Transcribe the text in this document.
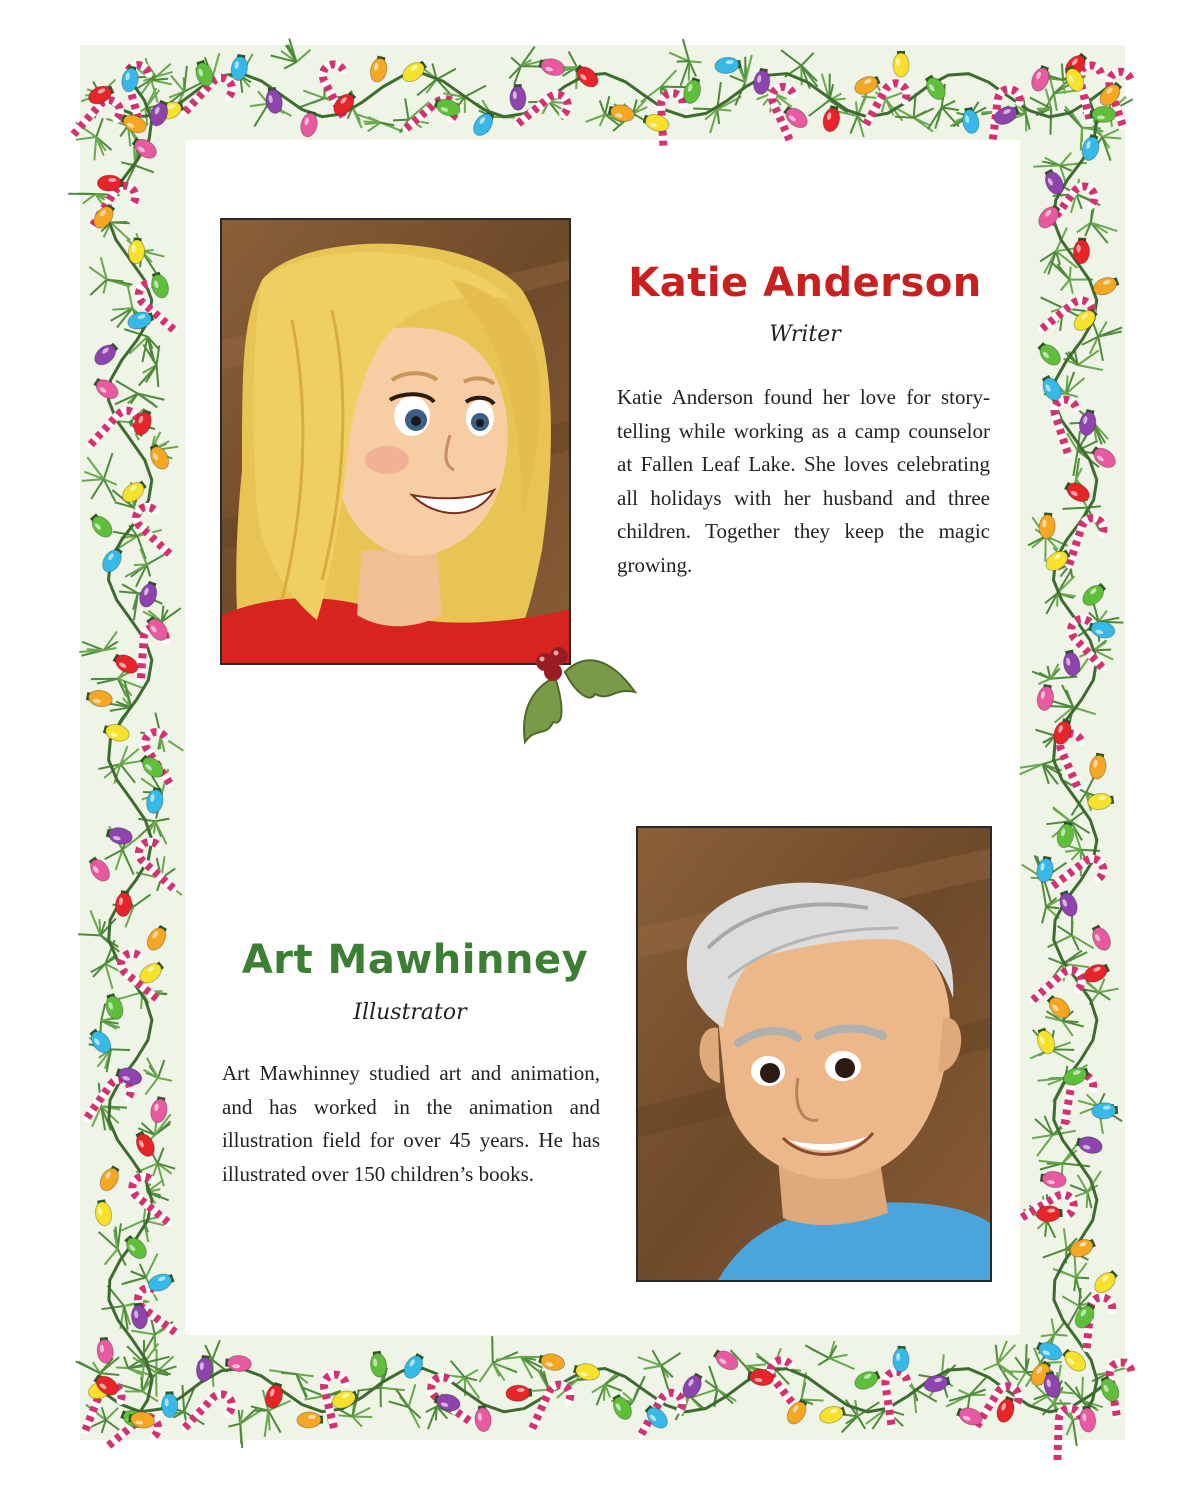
Katie Anderson

Writer

Katie Anderson found her love for story-telling while working as a camp counselor at Fallen Leaf Lake. She loves celebrating all holidays with her husband and three children. Together they keep the magic growing.

Art Mawhinney

Illustrator

Art Mawhinney studied art and animation, and has worked in the animation and illustration field for over 45 years. He has illustrated over 150 children’s books.
